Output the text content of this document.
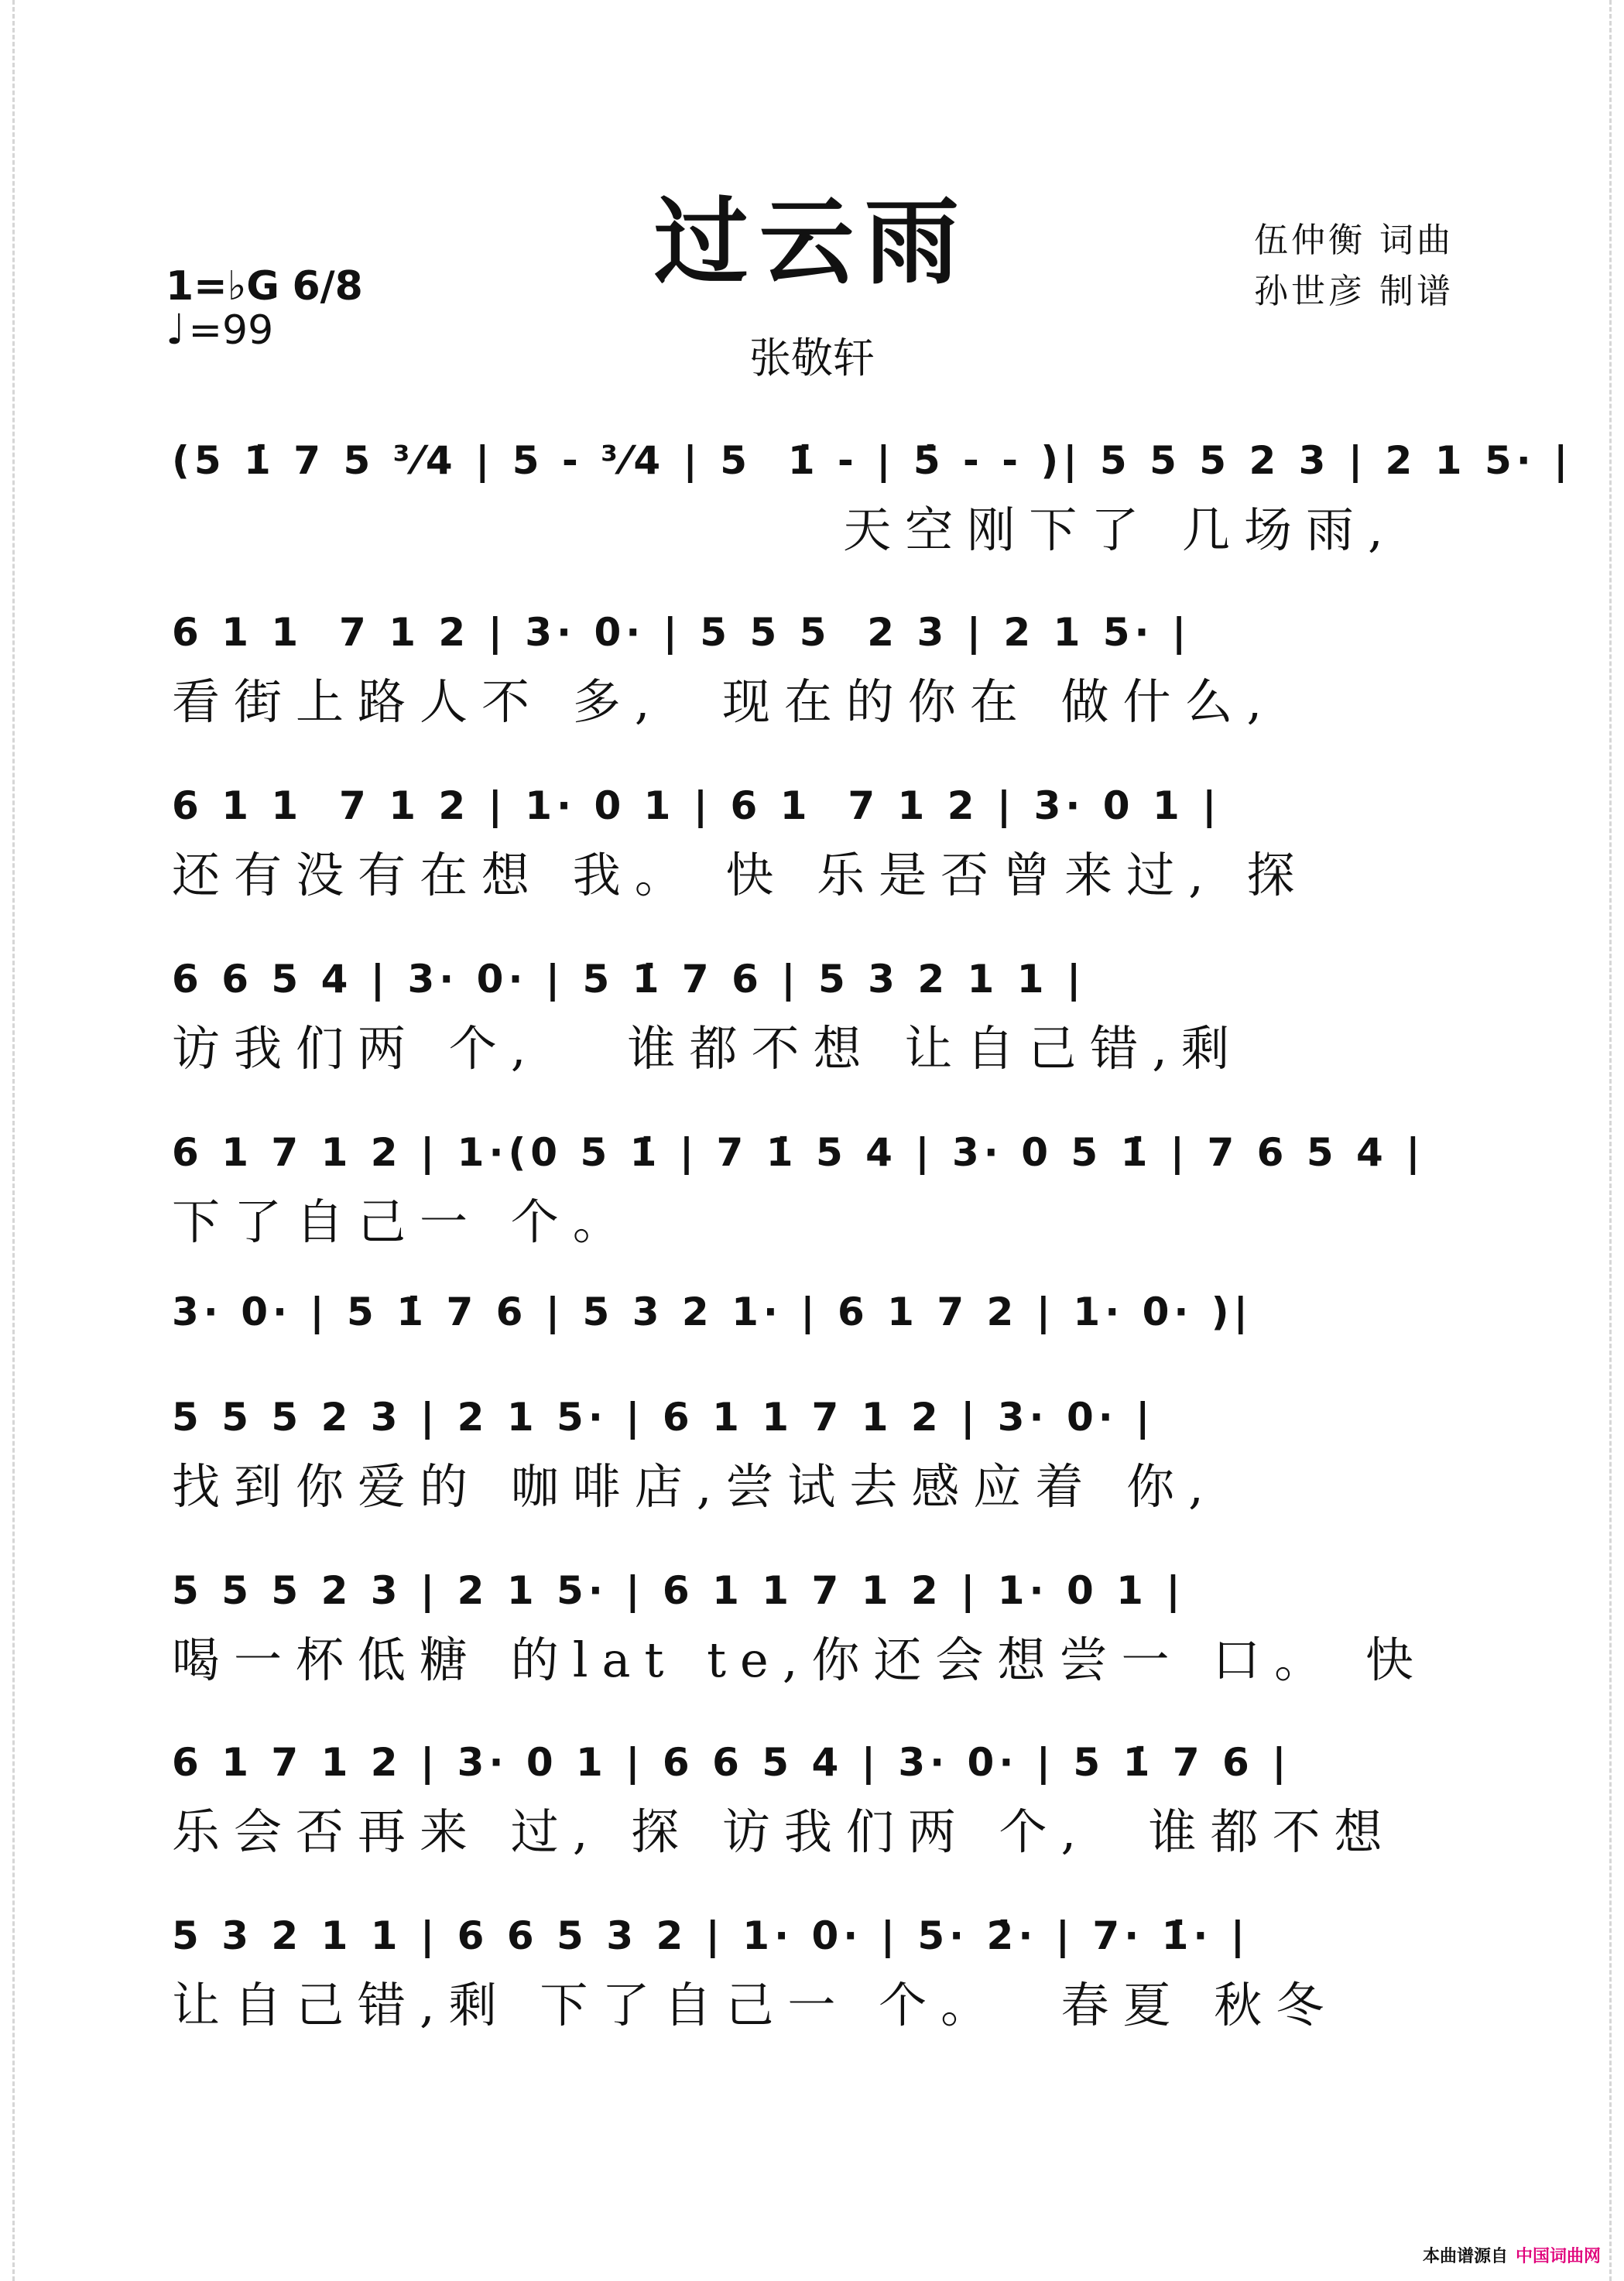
过云雨	伍仲衡 词曲
孙世彦 制谱
1=♭G 6/8
♩=99
张敬轩
(5 1̇ 7 5 ³⁄4 | 5 - ³⁄4 | 5  1̇ - | 5̇ - - )| 5 5 5 2 3 | 2 1 5· |
天空刚下了 几场雨,
6 1 1  7 1 2 | 3· 0· | 5 5 5  2 3 | 2 1 5· |
看街上路人不 多,  现在的你在 做什么,
6 1 1  7 1 2 | 1· 0 1 | 6 1  7 1 2 | 3· 0 1 |
还有没有在想 我。 快 乐是否曾来过, 探
6 6 5 4 | 3· 0· | 5 1̇ 7 6 | 5 3 2 1 1 |
访我们两 个,   谁都不想 让自己错,剩
6 1 7 1 2 | 1·(0 5 1̇ | 7 1̇ 5 4 | 3· 0 5 1̇ | 7 6 5 4 |
下了自己一 个。
3· 0· | 5 1̇ 7 6 | 5 3 2 1· | 6 1 7 2 | 1· 0· )|
5 5 5 2 3 | 2 1 5· | 6 1 1 7 1 2 | 3· 0· |
找到你爱的 咖啡店,尝试去感应着 你,
5 5 5 2 3 | 2 1 5· | 6 1 1 7 1 2 | 1· 0 1 |
喝一杯低糖 的lat te,你还会想尝一 口。 快
6 1 7 1 2 | 3· 0 1 | 6 6 5 4 | 3· 0· | 5 1̇ 7 6 |
乐会否再来 过, 探 访我们两 个,  谁都不想
5 3 2 1 1 | 6 6 5 3 2 | 1· 0· | 5· 2̇· | 7· 1̇· |
让自己错,剩 下了自己一 个。  春夏 秋冬
本曲谱源自 中国词曲网
